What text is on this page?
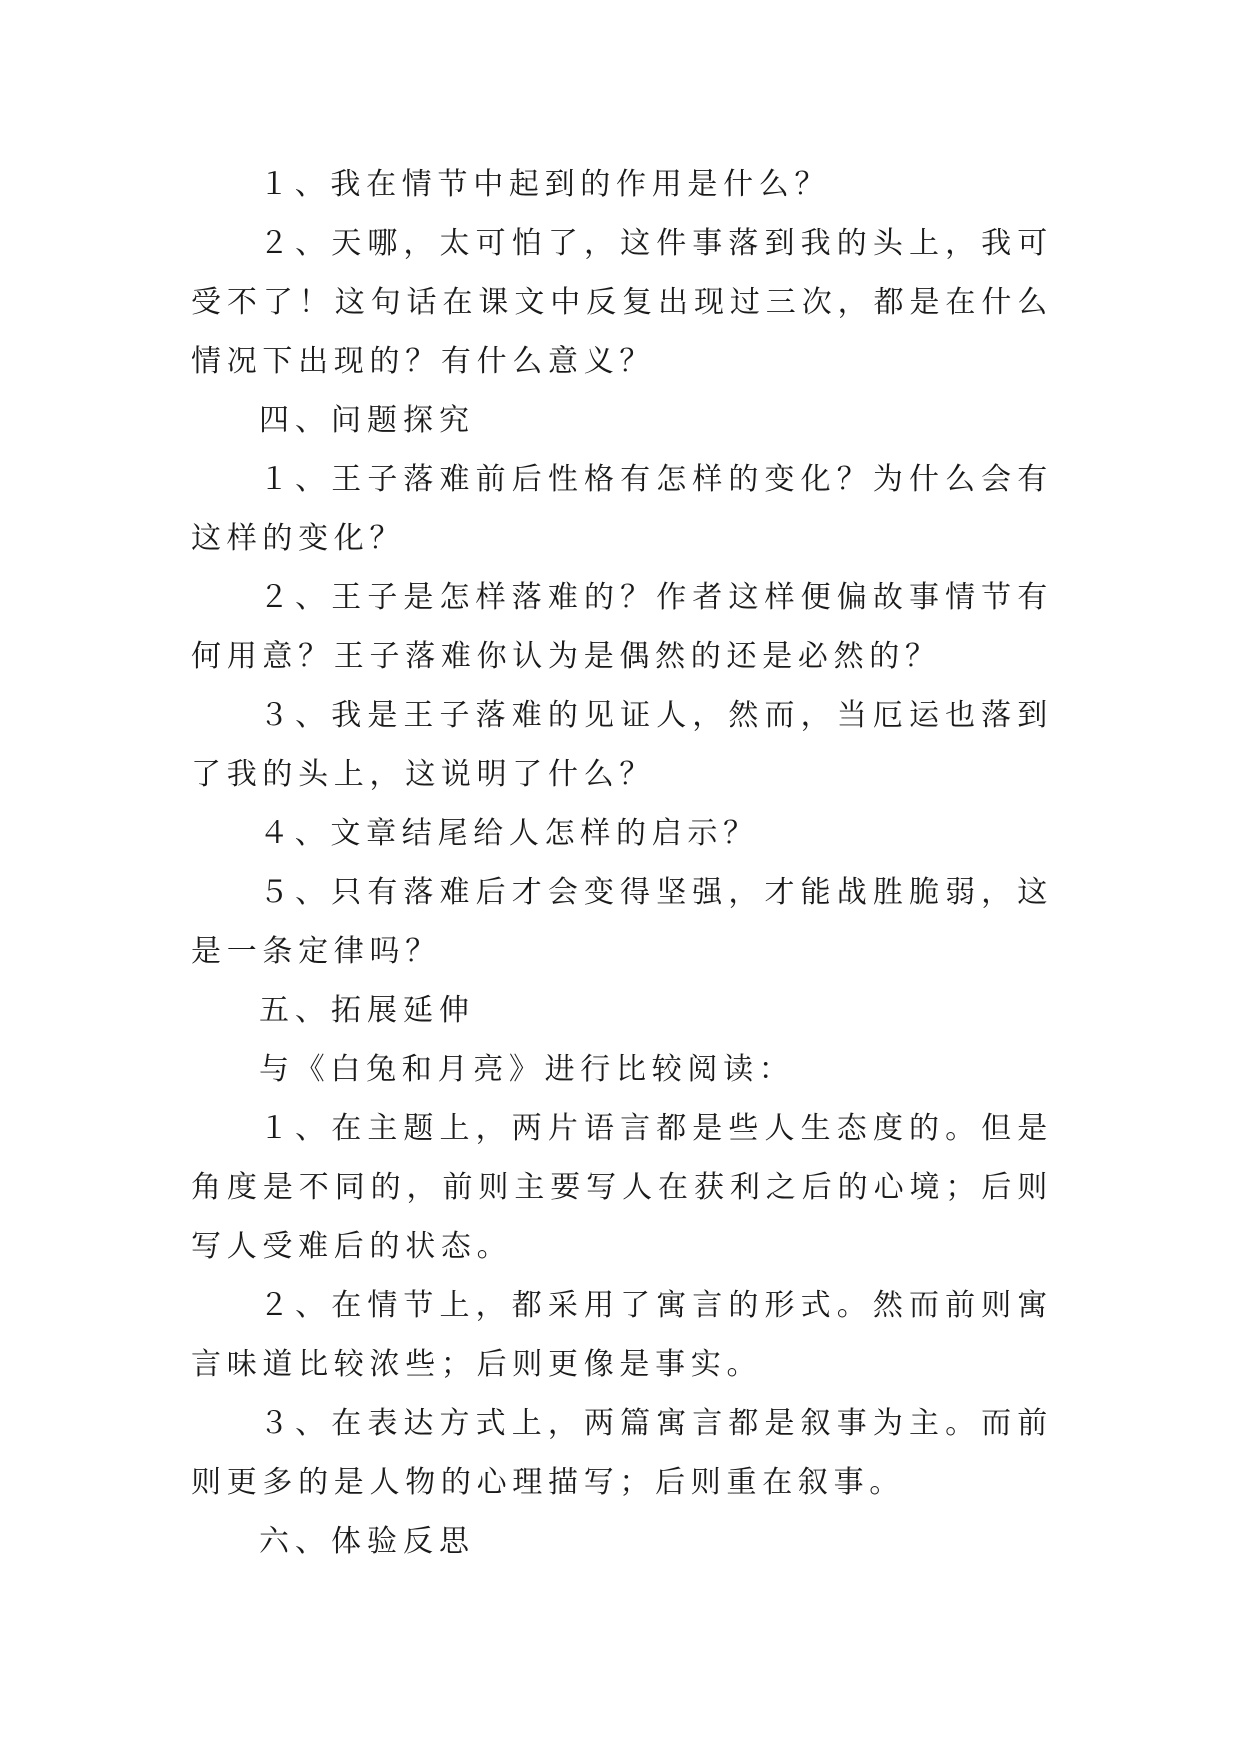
１、我在情节中起到的作用是什么？

２、天哪，太可怕了，这件事落到我的头上，我可受不了！这句话在课文中反复出现过三次，都是在什么情况下出现的？有什么意义？

四、问题探究

１、王子落难前后性格有怎样的变化？为什么会有这样的变化？

２、王子是怎样落难的？作者这样便偏故事情节有何用意？王子落难你认为是偶然的还是必然的？

３、我是王子落难的见证人，然而，当厄运也落到了我的头上，这说明了什么？

４、文章结尾给人怎样的启示？

５、只有落难后才会变得坚强，才能战胜脆弱，这是一条定律吗？

五、拓展延伸

与《白兔和月亮》进行比较阅读：

１、在主题上，两片语言都是些人生态度的。但是角度是不同的，前则主要写人在获利之后的心境；后则写人受难后的状态。

２、在情节上，都采用了寓言的形式。然而前则寓言味道比较浓些；后则更像是事实。

３、在表达方式上，两篇寓言都是叙事为主。而前则更多的是人物的心理描写；后则重在叙事。

六、体验反思
